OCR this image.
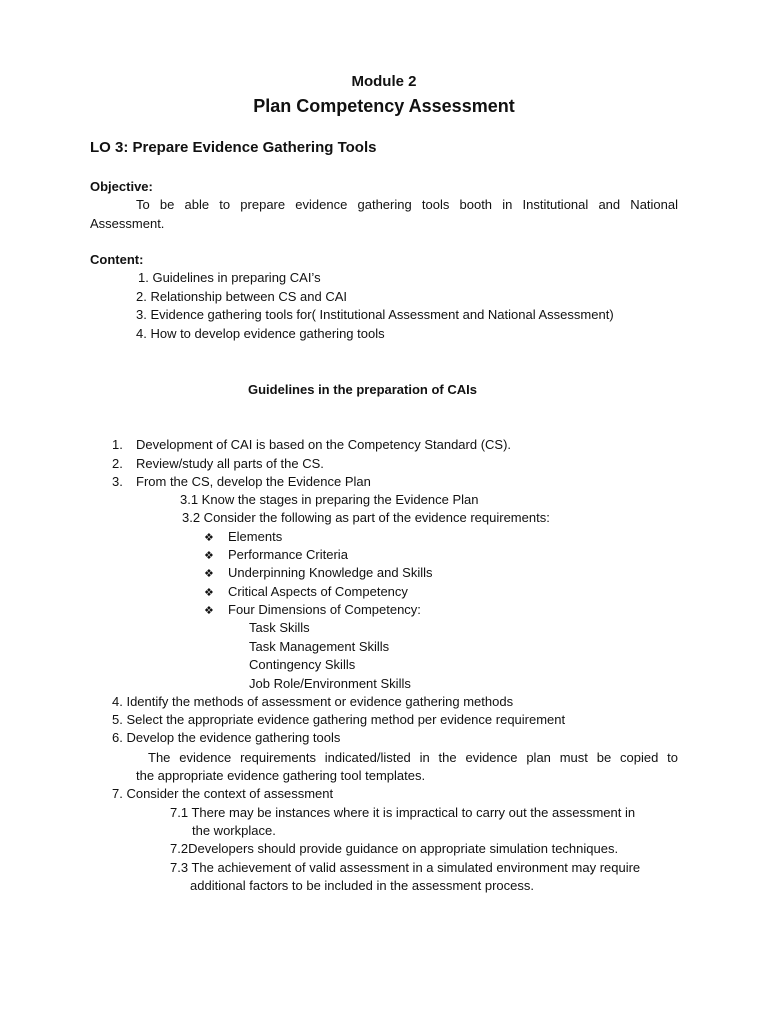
Module 2
Plan Competency Assessment
LO 3: Prepare Evidence Gathering Tools
Objective:
To be able to prepare evidence gathering tools booth in Institutional and National
Assessment.
Content:
1. Guidelines in preparing CAI’s
2. Relationship between CS and CAI
3. Evidence gathering tools for( Institutional Assessment and National Assessment)
4. How to develop evidence gathering tools
Guidelines in the preparation of CAIs
1. Development of CAI is based on the Competency Standard (CS).
2. Review/study all parts of the CS.
3. From the CS, develop the Evidence Plan
3.1 Know the stages in preparing the Evidence Plan
3.2 Consider the following as part of the evidence requirements:
❖ Elements
❖ Performance Criteria
❖ Underpinning Knowledge and Skills
❖ Critical Aspects of Competency
❖ Four Dimensions of Competency:
Task Skills
Task Management Skills
Contingency Skills
Job Role/Environment Skills
4. Identify the methods of assessment or evidence gathering methods
5. Select the appropriate evidence gathering method per evidence requirement
6. Develop the evidence gathering tools
The evidence requirements indicated/listed in the evidence plan must be copied to
the appropriate evidence gathering tool templates.
7. Consider the context of assessment
7.1 There may be instances where it is impractical to carry out the assessment in
the workplace.
7.2Developers should provide guidance on appropriate simulation techniques.
7.3 The achievement of valid assessment in a simulated environment may require
additional factors to be included in the assessment process.
